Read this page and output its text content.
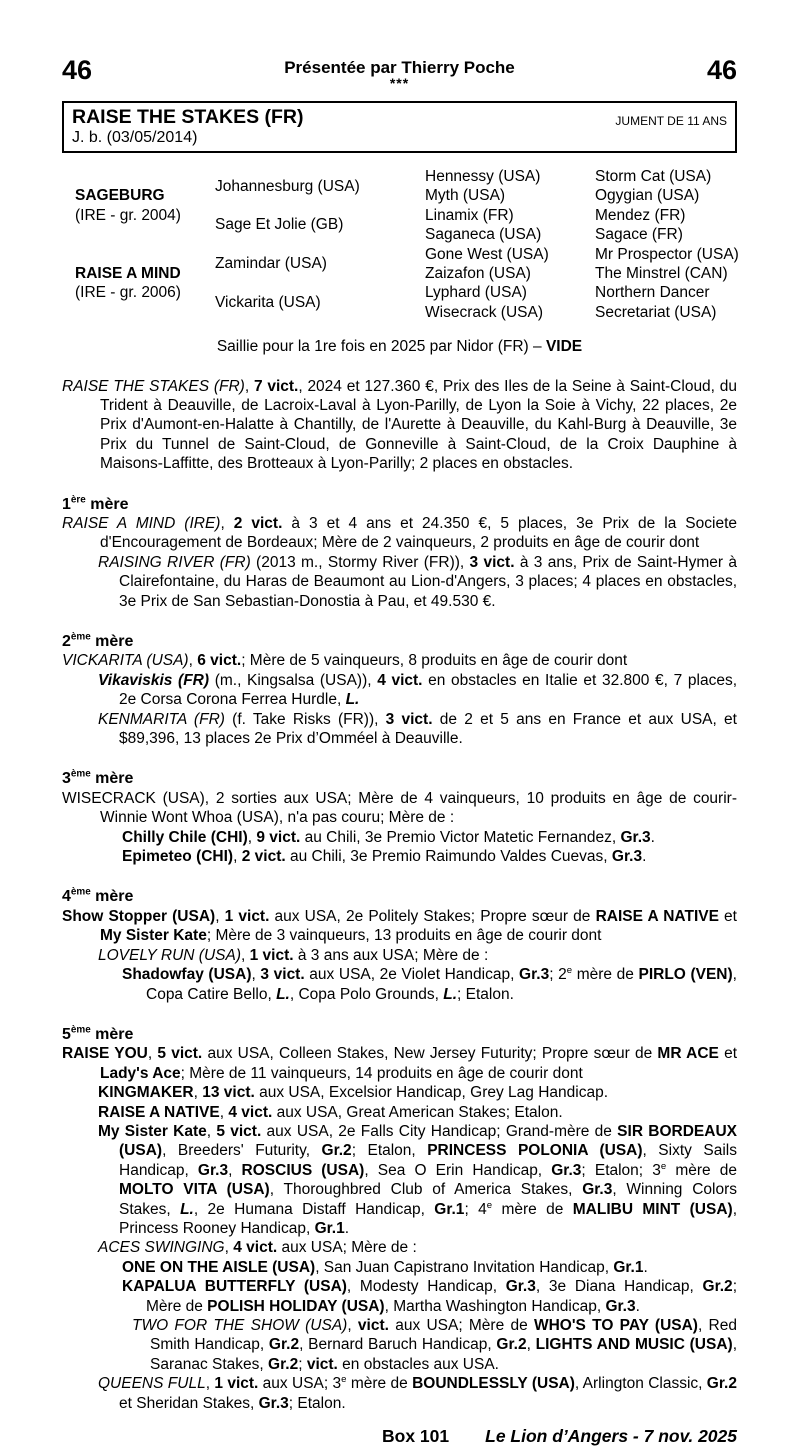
46	Présentée par Thierry Poche
***	46
RAISE THE STAKES (FR)
J. b. (03/05/2014)
JUMENT DE 11 ANS
SAGEBURG
(IRE - gr. 2004)
RAISE A MIND
(IRE - gr. 2006)
Johannesburg (USA)
Sage Et Jolie (GB)
Zamindar (USA)
Vickarita (USA)
Hennessy (USA)
Myth (USA)
Linamix (FR)
Saganeca (USA)
Gone West (USA)
Zaizafon (USA)
Lyphard (USA)
Wisecrack (USA)
Storm Cat (USA)
Ogygian (USA)
Mendez (FR)
Sagace (FR)
Mr Prospector (USA)
The Minstrel (CAN)
Northern Dancer
Secretariat (USA)
Saillie pour la 1re fois en 2025 par Nidor (FR) – VIDE
RAISE THE STAKES (FR), 7 vict., 2024 et 127.360 €, Prix des Iles de la Seine à Saint-Cloud, du Trident à Deauville, de Lacroix-Laval à Lyon-Parilly, de Lyon la Soie à Vichy, 22 places, 2e Prix d'Aumont-en-Halatte à Chantilly, de l'Aurette à Deauville, du Kahl-Burg à Deauville, 3e Prix du Tunnel de Saint-Cloud, de Gonneville à Saint-Cloud, de la Croix Dauphine à Maisons-Laffitte, des Brotteaux à Lyon-Parilly; 2 places en obstacles.
1ère mère
RAISE A MIND (IRE), 2 vict. à 3 et 4 ans et 24.350 €, 5 places, 3e Prix de la Societe d'Encouragement de Bordeaux; Mère de 2 vainqueurs, 2 produits en âge de courir dont
RAISING RIVER (FR) (2013 m., Stormy River (FR)), 3 vict. à 3 ans, Prix de Saint-Hymer à Clairefontaine, du Haras de Beaumont au Lion-d'Angers, 3 places; 4 places en obstacles, 3e Prix de San Sebastian-Donostia à Pau, et 49.530 €.
2ème mère
VICKARITA (USA), 6 vict.; Mère de 5 vainqueurs, 8 produits en âge de courir dont
Vikaviskis (FR) (m., Kingsalsa (USA)), 4 vict. en obstacles en Italie et 32.800 €, 7 places, 2e Corsa Corona Ferrea Hurdle, L.
KENMARITA (FR) (f. Take Risks (FR)), 3 vict. de 2 et 5 ans en France et aux USA, et $89,396, 13 places 2e Prix d’Omméel à Deauville.
3ème mère
WISECRACK (USA), 2 sorties aux USA; Mère de 4 vainqueurs, 10 produits en âge de courir- Winnie Wont Whoa (USA), n'a pas couru; Mère de :
Chilly Chile (CHI), 9 vict. au Chili, 3e Premio Victor Matetic Fernandez, Gr.3.
Epimeteo (CHI), 2 vict. au Chili, 3e Premio Raimundo Valdes Cuevas, Gr.3.
4ème mère
Show Stopper (USA), 1 vict. aux USA, 2e Politely Stakes; Propre sœur de RAISE A NATIVE et My Sister Kate; Mère de 3 vainqueurs, 13 produits en âge de courir dont
LOVELY RUN (USA), 1 vict. à 3 ans aux USA; Mère de :
Shadowfay (USA), 3 vict. aux USA, 2e Violet Handicap, Gr.3; 2e mère de PIRLO (VEN), Copa Catire Bello, L., Copa Polo Grounds, L.; Etalon.
5ème mère
RAISE YOU, 5 vict. aux USA, Colleen Stakes, New Jersey Futurity; Propre sœur de MR ACE et Lady's Ace; Mère de 11 vainqueurs, 14 produits en âge de courir dont
KINGMAKER, 13 vict. aux USA, Excelsior Handicap, Grey Lag Handicap.
RAISE A NATIVE, 4 vict. aux USA, Great American Stakes; Etalon.
My Sister Kate, 5 vict. aux USA, 2e Falls City Handicap; Grand-mère de SIR BORDEAUX (USA), Breeders' Futurity, Gr.2; Etalon, PRINCESS POLONIA (USA), Sixty Sails Handicap, Gr.3, ROSCIUS (USA), Sea O Erin Handicap, Gr.3; Etalon; 3e mère de MOLTO VITA (USA), Thoroughbred Club of America Stakes, Gr.3, Winning Colors Stakes, L., 2e Humana Distaff Handicap, Gr.1; 4e mère de MALIBU MINT (USA), Princess Rooney Handicap, Gr.1.
ACES SWINGING, 4 vict. aux USA; Mère de :
ONE ON THE AISLE (USA), San Juan Capistrano Invitation Handicap, Gr.1.
KAPALUA BUTTERFLY (USA), Modesty Handicap, Gr.3, 3e Diana Handicap, Gr.2; Mère de POLISH HOLIDAY (USA), Martha Washington Handicap, Gr.3.
TWO FOR THE SHOW (USA), vict. aux USA; Mère de WHO'S TO PAY (USA), Red Smith Handicap, Gr.2, Bernard Baruch Handicap, Gr.2, LIGHTS AND MUSIC (USA), Saranac Stakes, Gr.2; vict. en obstacles aux USA.
QUEENS FULL, 1 vict. aux USA; 3e mère de BOUNDLESSLY (USA), Arlington Classic, Gr.2 et Sheridan Stakes, Gr.3; Etalon.
Box 101 Le Lion d’Angers - 7 nov. 2025
